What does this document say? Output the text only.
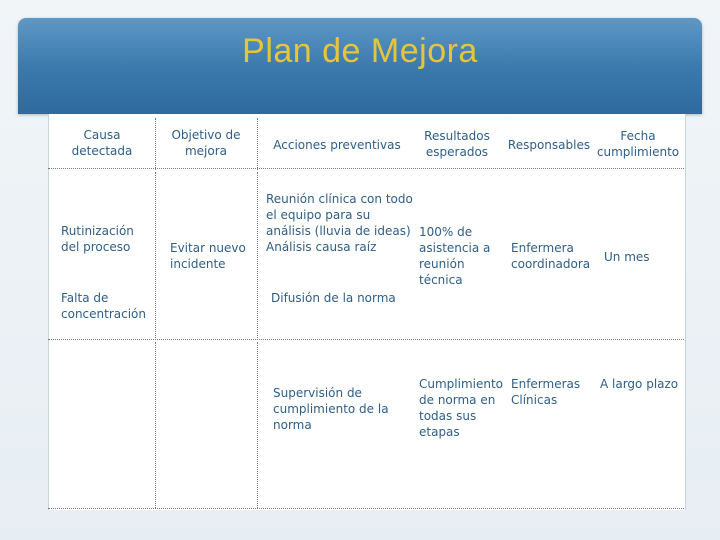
Plan de Mejora
Causa detectada
Objetivo de mejora	Acciones preventivas
Resultados esperados	Responsables
Fecha cumplimiento
Rutinización del proceso
Falta de concentración
Evitar nuevo incidente
Reunión clínica con todo el equipo para su análisis (lluvia de ideas) Análisis causa raíz
Difusión de la norma
100% de asistencia a reunión técnica
Enfermera coordinadora Un mes
Supervisión de cumplimiento de la norma
Cumplimiento de norma en todas sus etapas
Enfermeras Clínicas
A largo plazo
